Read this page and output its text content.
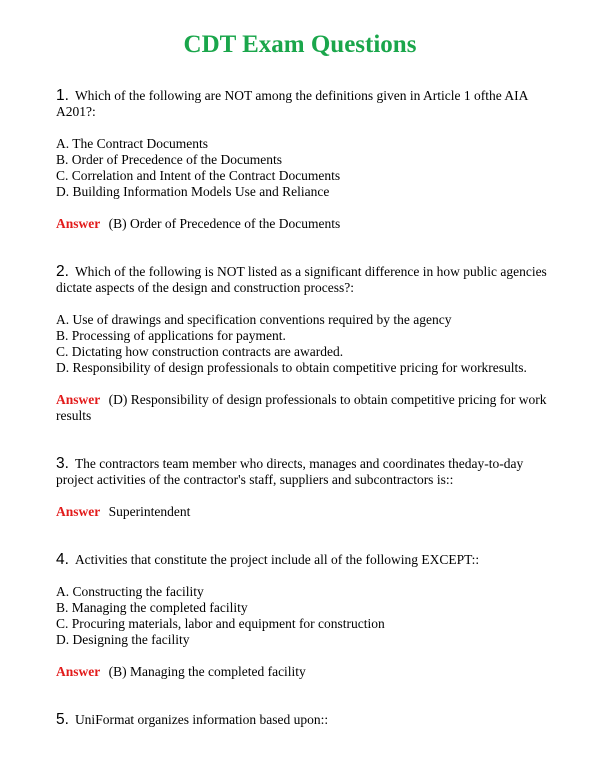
CDT Exam Questions

1. Which of the following are NOT among the definitions given in Article 1 ofthe AIA A201?:

A. The Contract Documents
B. Order of Precedence of the Documents
C. Correlation and Intent of the Contract Documents
D. Building Information Models Use and Reliance
Answer (B) Order of Precedence of the Documents

2. Which of the following is NOT listed as a significant difference in how public agencies dictate aspects of the design and construction process?:

A. Use of drawings and specification conventions required by the agency
B. Processing of applications for payment.
C. Dictating how construction contracts are awarded.
D. Responsibility of design professionals to obtain competitive pricing for workresults.
Answer (D) Responsibility of design professionals to obtain competitive pricing for work results

3. The contractors team member who directs, manages and coordinates theday-to-day project activities of the contractor's staff, suppliers and subcontractors is::

Answer Superintendent

4. Activities that constitute the project include all of the following EXCEPT::

A. Constructing the facility
B. Managing the completed facility
C. Procuring materials, labor and equipment for construction
D. Designing the facility
Answer (B) Managing the completed facility

5. UniFormat organizes information based upon::
